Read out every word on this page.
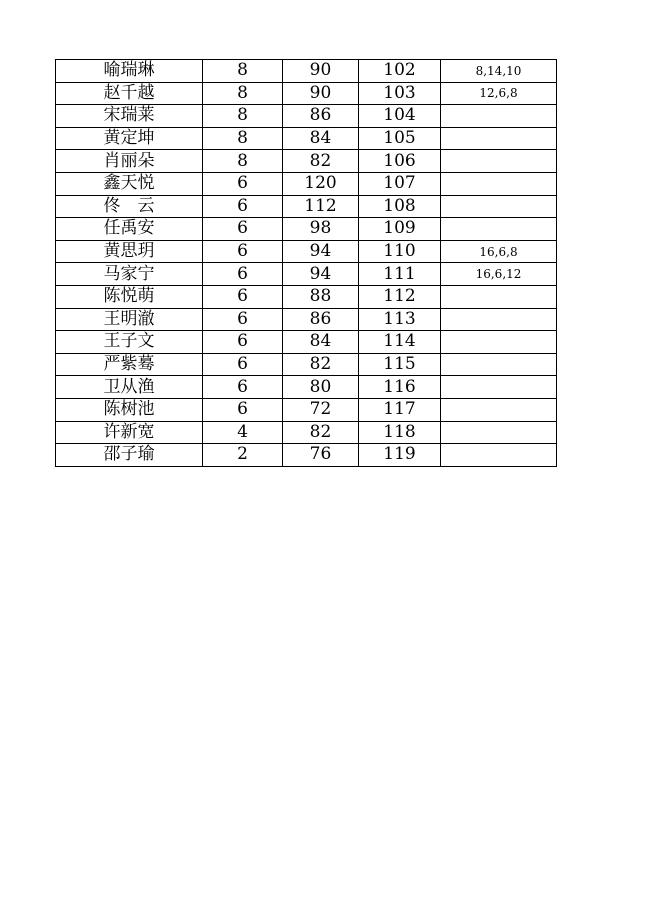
喻瑞琳	8	90	102	8,14,10
赵千越	8	90	103	12,6,8
宋瑞莱	8	86	104	
黄定坤	8	84	105	
肖丽朵	8	82	106	
鑫天悦	6	120	107	
佟　云	6	112	108	
任禹安	6	98	109	
黄思玥	6	94	110	16,6,8
马家宁	6	94	111	16,6,12
陈悦萌	6	88	112	
王明澈	6	86	113	
王子文	6	84	114	
严紫蓦	6	82	115	
卫从渔	6	80	116	
陈树池	6	72	117	
许新宽	4	82	118	
邵子瑜	2	76	119	
